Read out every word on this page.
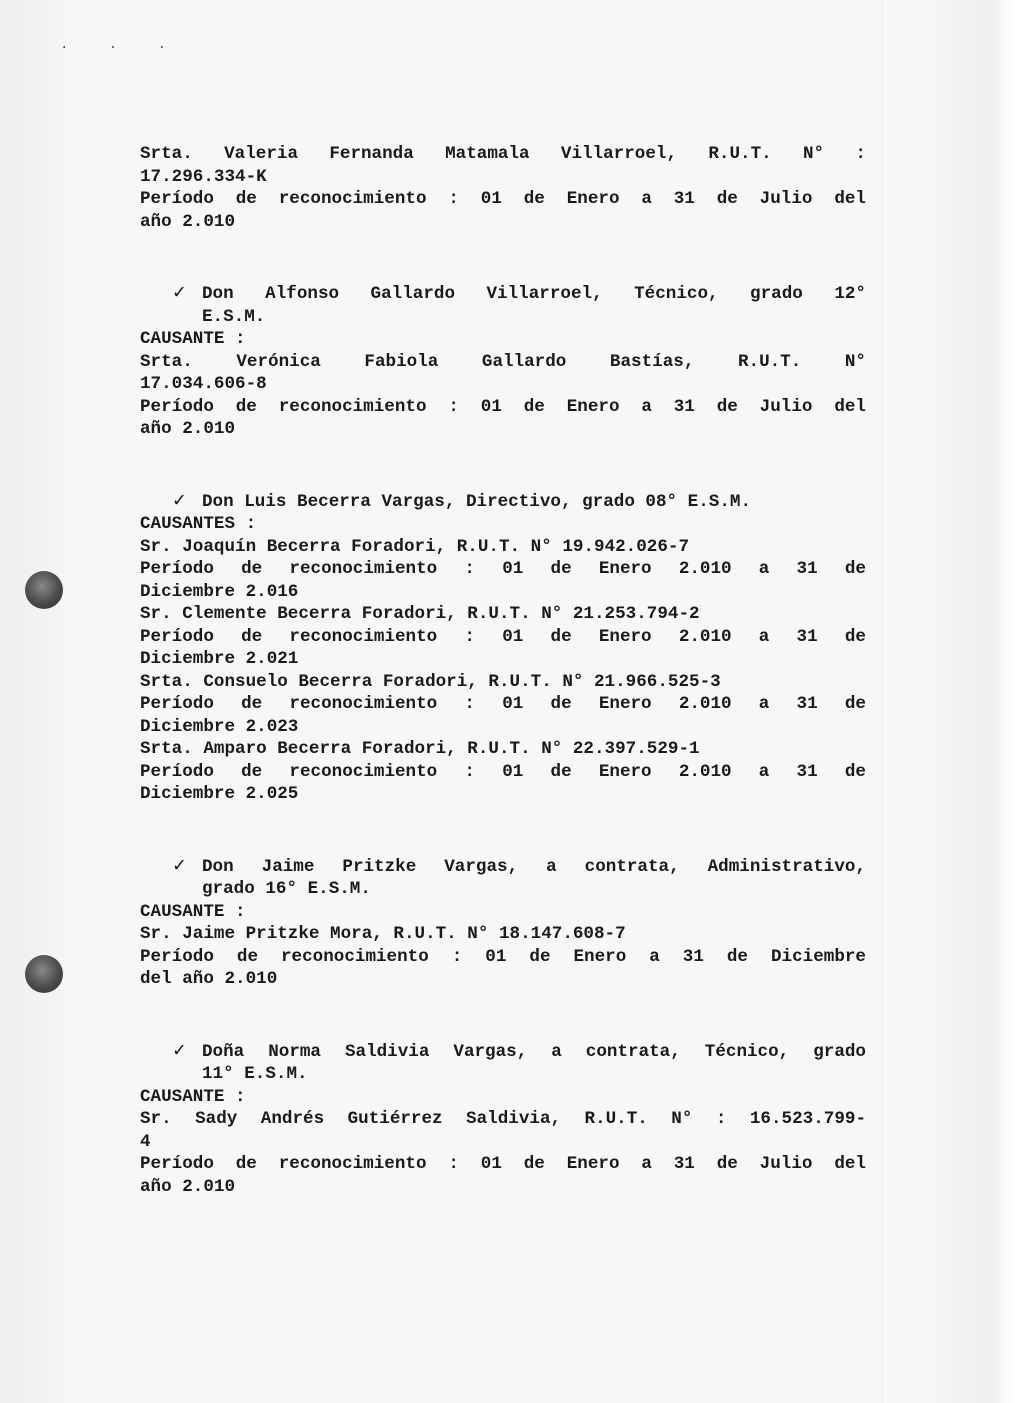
· · ·
Srta. Valeria Fernanda Matamala Villarroel, R.U.T. N° :
17.296.334-K
Período de reconocimiento : 01 de Enero a 31 de Julio del
año 2.010
✓ Don Alfonso Gallardo Villarroel, Técnico, grado 12°
E.S.M.
CAUSANTE :
Srta. Verónica Fabiola Gallardo Bastías, R.U.T. N°
17.034.606-8
Período de reconocimiento : 01 de Enero a 31 de Julio del
año 2.010
✓ Don Luis Becerra Vargas, Directivo, grado 08° E.S.M.
CAUSANTES :
Sr. Joaquín Becerra Foradori, R.U.T. N° 19.942.026-7
Período de reconocimiento : 01 de Enero 2.010 a 31 de
Diciembre 2.016
Sr. Clemente Becerra Foradori, R.U.T. N° 21.253.794-2
Período de reconocimiento : 01 de Enero 2.010 a 31 de
Diciembre 2.021
Srta. Consuelo Becerra Foradori, R.U.T. N° 21.966.525-3
Período de reconocimiento : 01 de Enero 2.010 a 31 de
Diciembre 2.023
Srta. Amparo Becerra Foradori, R.U.T. N° 22.397.529-1
Período de reconocimiento : 01 de Enero 2.010 a 31 de
Diciembre 2.025
✓ Don Jaime Pritzke Vargas, a contrata, Administrativo,
grado 16° E.S.M.
CAUSANTE :
Sr. Jaime Pritzke Mora, R.U.T. N° 18.147.608-7
Período de reconocimiento : 01 de Enero a 31 de Diciembre
del año 2.010
✓ Doña Norma Saldivia Vargas, a contrata, Técnico, grado
11° E.S.M.
CAUSANTE :
Sr. Sady Andrés Gutiérrez Saldivia, R.U.T. N° : 16.523.799-
4
Período de reconocimiento : 01 de Enero a 31 de Julio del
año 2.010
